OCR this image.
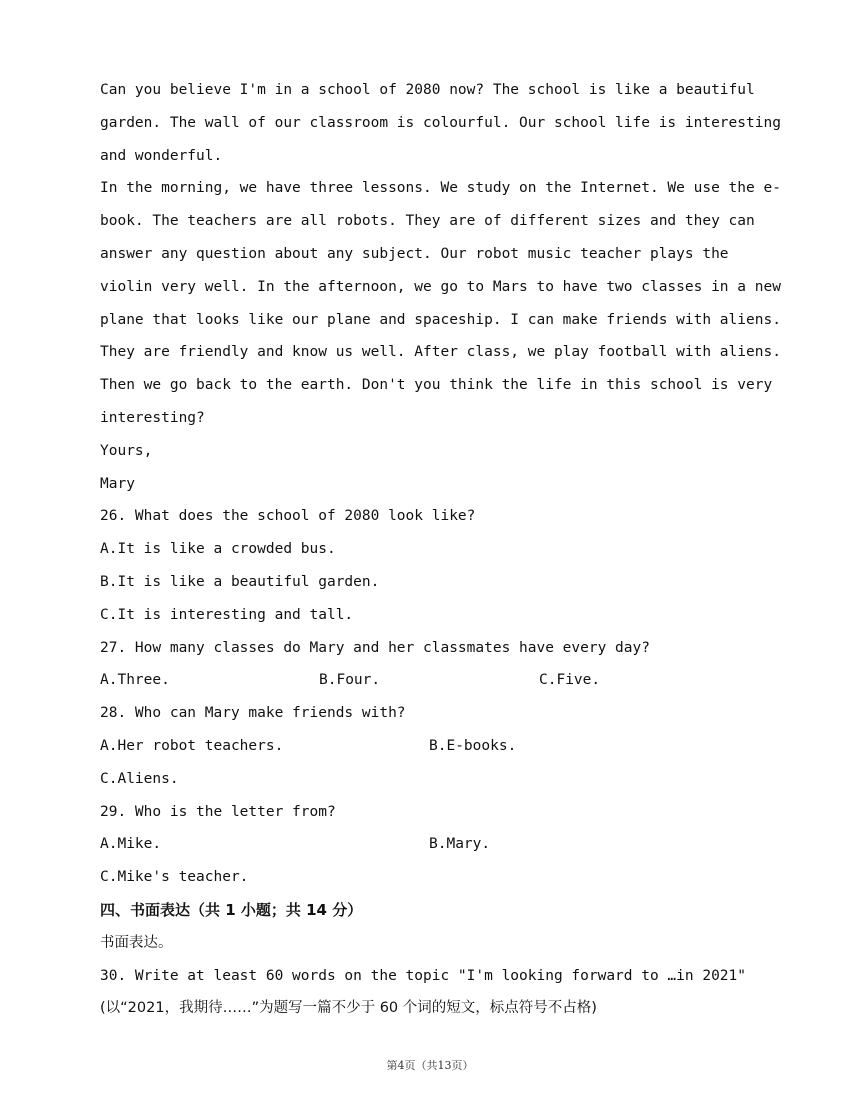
Can you believe I'm in a school of 2080 now? The school is like a beautiful
garden. The wall of our classroom is colourful. Our school life is interesting
and wonderful.
In the morning, we have three lessons. We study on the Internet. We use the e-
book. The teachers are all robots. They are of different sizes and they can
answer any question about any subject. Our robot music teacher plays the
violin very well. In the afternoon, we go to Mars to have two classes in a new
plane that looks like our plane and spaceship. I can make friends with aliens.
They are friendly and know us well. After class, we play football with aliens.
Then we go back to the earth. Don't you think the life in this school is very
interesting?
Yours,
Mary
26. What does the school of 2080 look like?
A.It is like a crowded bus.
B.It is like a beautiful garden.
C.It is interesting and tall.
27. How many classes do Mary and her classmates have every day?
A.Three.	B.Four.	C.Five.
28. Who can Mary make friends with?
A.Her robot teachers.	B.E-books.
C.Aliens.
29. Who is the letter from?
A.Mike.	B.Mary.
C.Mike's teacher.
四、书面表达（共 1 小题；共 14 分）
书面表达。
30. Write at least 60 words on the topic "I'm looking forward to …in 2021"
(以“2021，我期待……”为题写一篇不少于 60 个词的短文，标点符号不占格)
第4页（共13页）
